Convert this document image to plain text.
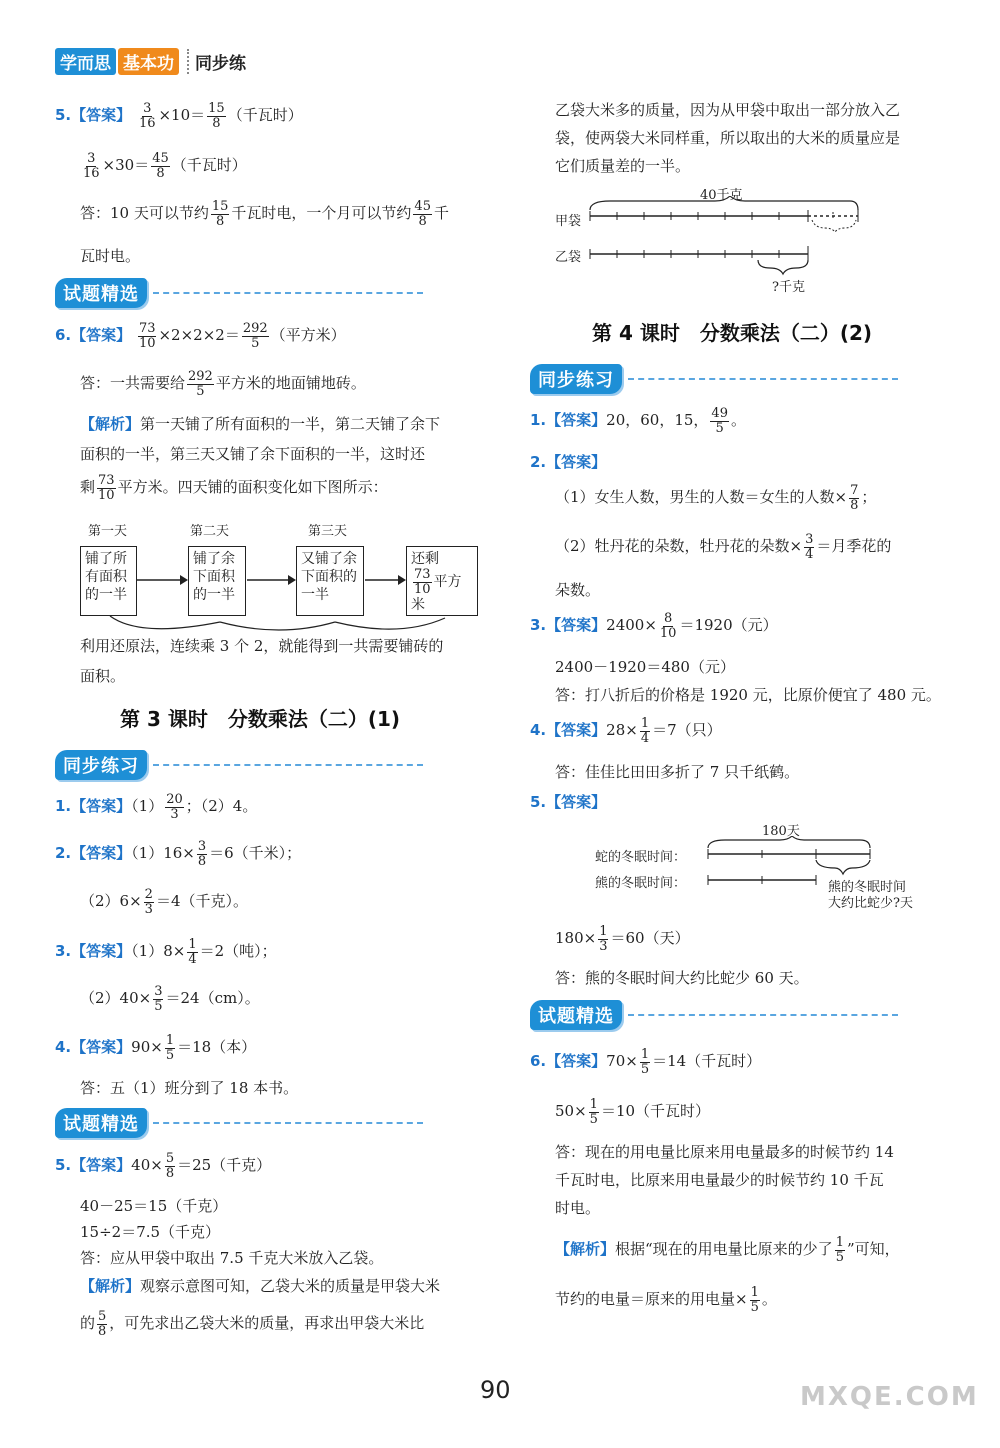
学而思 基本功	同步练
5.【答案】 $\frac{3}{16} \times 10= \frac{15}{8}$ （千瓦时）
$\frac{3}{16} \times 30= \frac{45}{8}$ （千瓦时）
答：10 天可以节约 $\frac{15}{8}$ 千瓦时电，一个月可以节约 $\frac{45}{8}$ 千
瓦时电。
试题精选
6.【答案】 $\frac{73}{10} \times 2\times 2\times 2= \frac{292}{5}$ （平方米）
答：一共需要给 $\frac{292}{5}$ 平方米的地面铺地砖。
【解析】第一天铺了所有面积的一半，第二天铺了余下
面积的一半，第三天又铺了余下面积的一半，这时还
剩 $\frac{73}{10}$ 平方米。四天铺的面积变化如下图所示：
第一天	第二天	第三天
铺了所有面积的一半
铺了余下面积的一半
又铺了余下面积的一半
还剩
$\frac{73}{10}$ 平方米
利用还原法，连续乘 3 个 2，就能得到一共需要铺砖的
面积。
第 3 课时　分数乘法（二）(1)
同步练习
1.【答案】$(1) \frac{20}{3}$ ；（2）4。
2.【答案】$(1)16\times \frac{3}{8} =6$（千米）；
$(2)6\times \frac{2}{3} =4$（千克）。
3.【答案】$(1)8\times \frac{1}{4} =2$（吨）；
$(2)40\times \frac{3}{5} =24(cm)$。
4.【答案】$90\times \frac{1}{5} =18$（本）
答：五（1）班分到了 18 本书。
试题精选
5.【答案】$40\times \frac{5}{8} =25$（千克）
40－25＝15（千克）
15÷2＝7.5（千克）
答：应从甲袋中取出 7.5 千克大米放入乙袋。
【解析】观察示意图可知，乙袋大米的质量是甲袋大米
的 $\frac{5}{8}$ ，可先求出乙袋大米的质量，再求出甲袋大米比
乙袋大米多的质量，因为从甲袋中取出一部分放入乙
袋，使两袋大米同样重，所以取出的大米的质量应是
它们质量差的一半。
40千克
甲袋
乙袋
?千克
第 4 课时　分数乘法（二）(2)
同步练习
1.【答案】20，60，15， $\frac{49}{5}$ 。
2.【答案】
（1）女生人数，男生的人数＝女生的人数× $\frac{7}{8}$ ；
（2）牡丹花的朵数，牡丹花的朵数× $\frac{3}{4}$ ＝月季花的
朵数。
3.【答案】$2400\times \frac{8}{10} =1920$（元）
2400－1920＝480（元）
答：打八折后的价格是 1920 元，比原价便宜了 480 元。
4.【答案】$28\times \frac{1}{4} =7$（只）
答：佳佳比田田多折了 7 只千纸鹤。
5.【答案】
180天
蛇的冬眠时间：
熊的冬眠时间：	熊的冬眠时间
大约比蛇少?天
$180\times \frac{1}{3} =60$（天）
答：熊的冬眠时间大约比蛇少 60 天。
试题精选
6.【答案】$70\times \frac{1}{5} =14$（千瓦时）
$50\times \frac{1}{5} =10$（千瓦时）
答：现在的用电量比原来用电量最多的时候节约 14
千瓦时电，比原来用电量最少的时候节约 10 千瓦
时电。
【解析】根据“现在的用电量比原来的少了 $\frac{1}{5}$ ”可知，
节约的电量＝原来的用电量× $\frac{1}{5}$ 。
90	MXQE.COM
